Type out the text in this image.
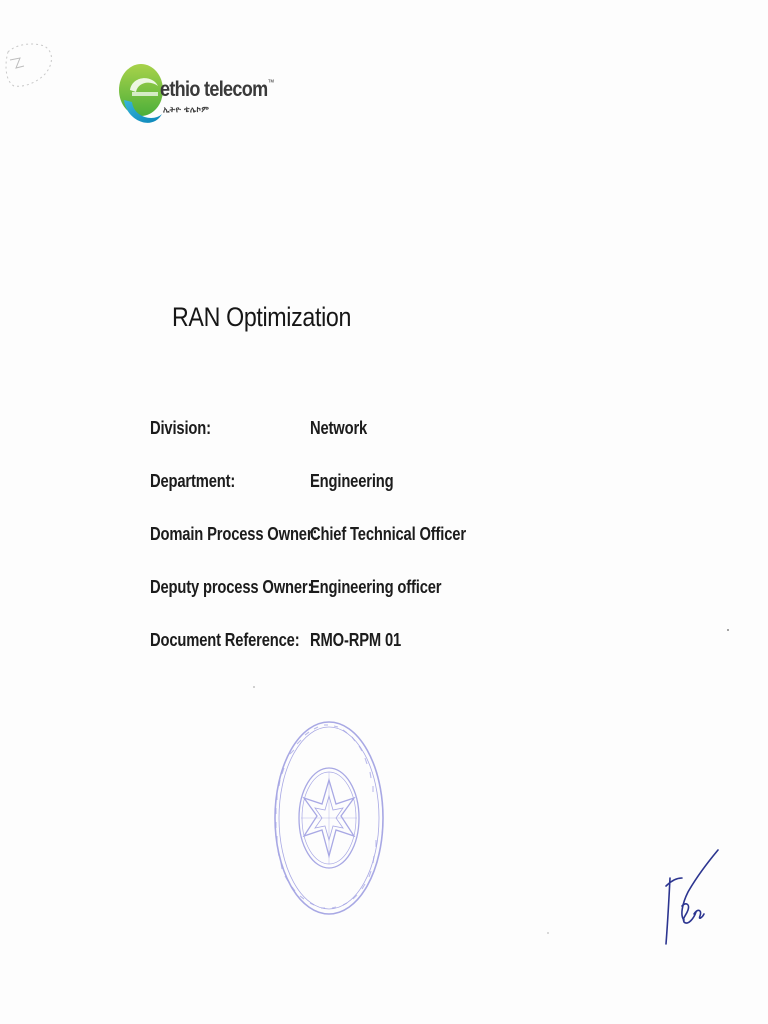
ethio telecom™
ኢትዮ ቴሌኮም
RAN Optimization
Division:	Network
Department:	Engineering
Domain Process Owner:
Chief Technical Officer
Deputy process Owner:
Engineering officer
Document Reference: RMO-RPM 01
